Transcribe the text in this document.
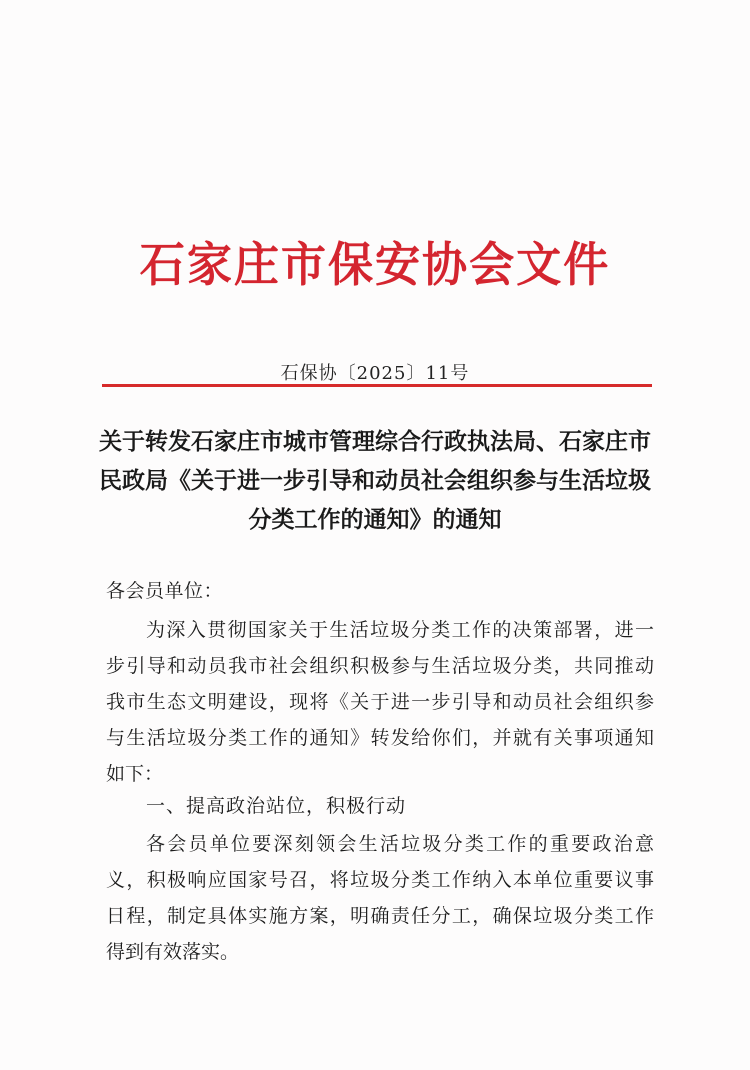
石家庄市保安协会文件
石保协〔2025〕11号
关于转发石家庄市城市管理综合行政执法局、石家庄市
民政局《关于进一步引导和动员社会组织参与生活垃圾
分类工作的通知》的通知
各会员单位：
为深入贯彻国家关于生活垃圾分类工作的决策部署，进一
步引导和动员我市社会组织积极参与生活垃圾分类，共同推动
我市生态文明建设，现将《关于进一步引导和动员社会组织参
与生活垃圾分类工作的通知》转发给你们，并就有关事项通知
如下：
一、提高政治站位，积极行动
各会员单位要深刻领会生活垃圾分类工作的重要政治意
义，积极响应国家号召，将垃圾分类工作纳入本单位重要议事
日程，制定具体实施方案，明确责任分工，确保垃圾分类工作
得到有效落实。
